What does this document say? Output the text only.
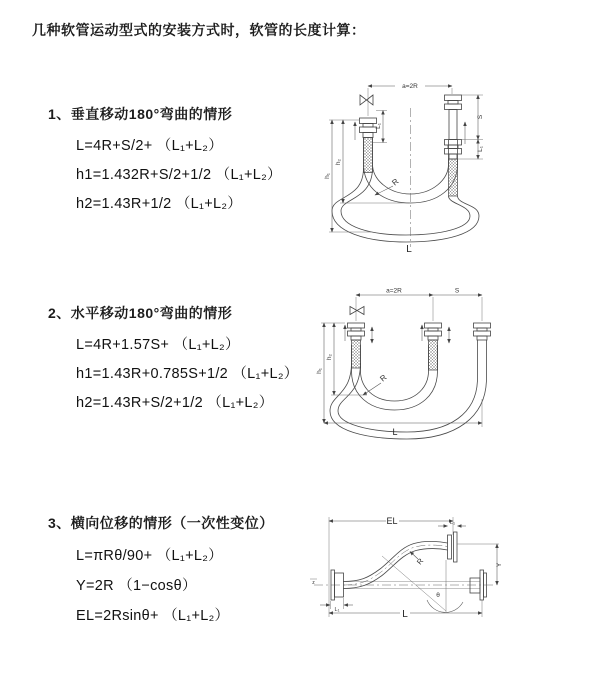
几种软管运动型式的安装方式时，软管的长度计算：
1、垂直移动180°弯曲的情形
L=4R+S/2+ （L₁+L₂）
h1=1.432R+S/2+1/2 （L₁+L₂）
h2=1.43R+1/2 （L₁+L₂）
a=2R
L₁
S
L₁
h₁
h₂
R
L
2、水平移动180°弯曲的情形
L=4R+1.57S+ （L₁+L₂）
h1=1.43R+0.785S+1/2 （L₁+L₂）
h2=1.43R+S/2+1/2 （L₁+L₂）
a=2R	S
h₁
h₂
L
R
3、横向位移的情形（一次性变位）
L=πRθ/90+ （L₁+L₂）
Y=2R （1−cosθ）
EL=2Rsinθ+ （L₁+L₂）
EL	L₁
z
Y
θ
R
L₁	L
